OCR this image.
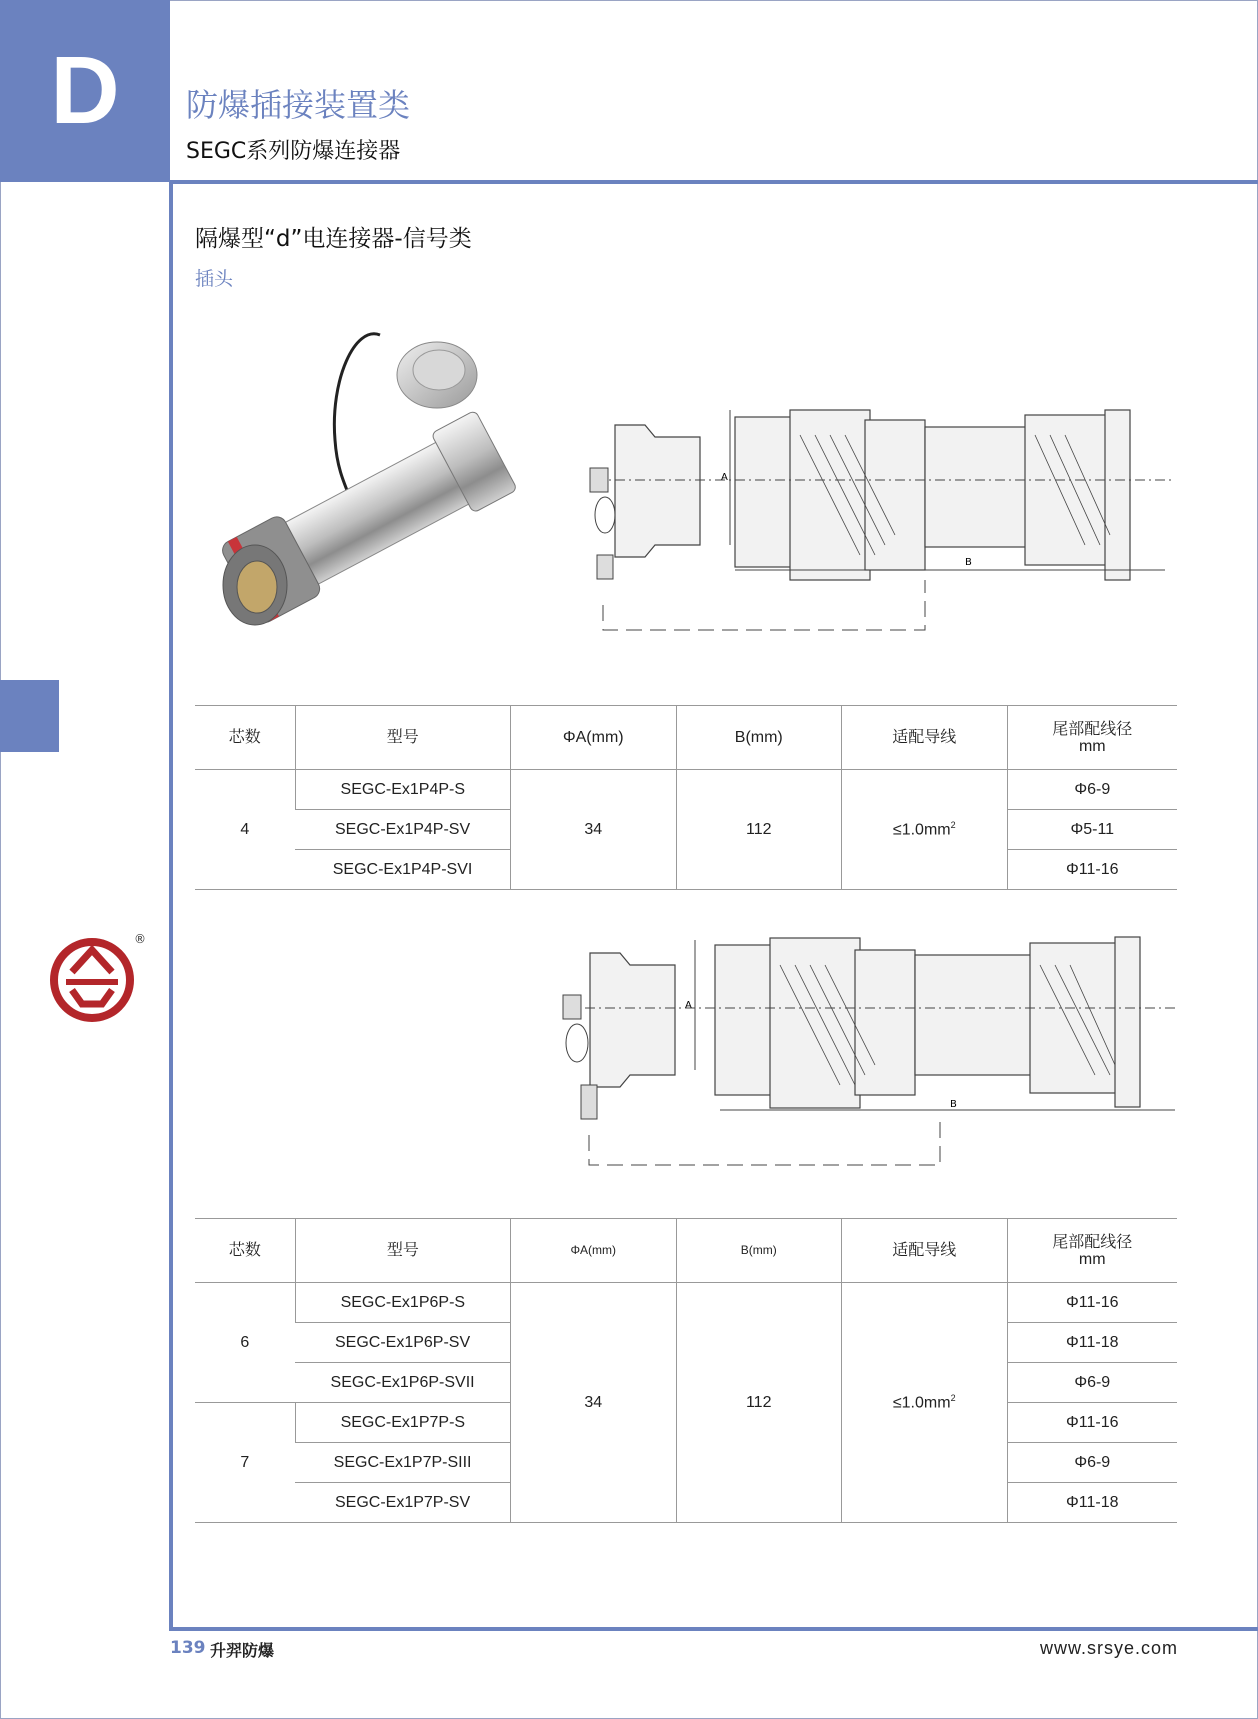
D	防爆插接装置类
SEGC系列防爆连接器
隔爆型“d”电连接器-信号类
插头
A
B
芯数	型号	ΦA(mm)	B(mm)	适配导线	尾部配线径
mm
4	SEGC-Ex1P4P-S	34	112	$\le 1.0mm^2$	Φ6-9
	SEGC-Ex1P4P-SV				Φ5-11
	SEGC-Ex1P4P-SVI				Φ11-16
®
A
B
芯数	型号	ΦA(mm)	B(mm)	适配导线	尾部配线径
mm
6	SEGC-Ex1P6P-S	34	112	$\le 1.0mm^2$	Φ11-16
	SEGC-Ex1P6P-SV				Φ11-18
	SEGC-Ex1P6P-SVII				Φ6-9
7	SEGC-Ex1P7P-S				Φ11-16
	SEGC-Ex1P7P-SIII				Φ6-9
	SEGC-Ex1P7P-SV				Φ11-18
139 升羿防爆	www.srsye.com
